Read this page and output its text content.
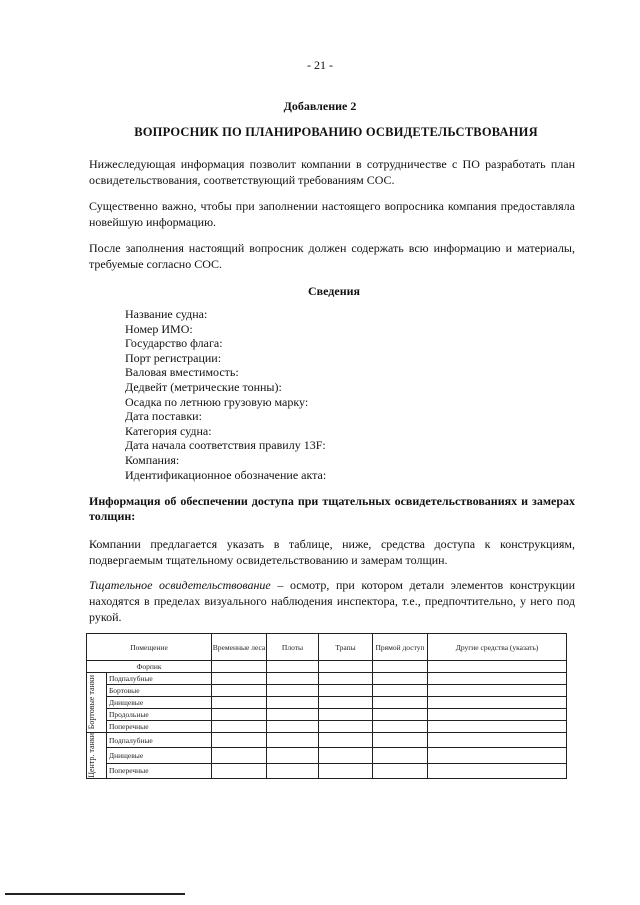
- 21 -
Добавление 2
ВОПРОСНИК ПО ПЛАНИРОВАНИЮ ОСВИДЕТЕЛЬСТВОВАНИЯ
Нижеследующая информация позволит компании в сотрудничестве с ПО разработать план освидетельствования, соответствующий требованиям СОС.
Существенно важно, чтобы при заполнении настоящего вопросника компания предоставляла новейшую информацию.
После заполнения настоящий вопросник должен содержать всю информацию и материалы, требуемые согласно СОС.
Сведения
Название судна:
Номер ИМО:
Государство флага:
Порт регистрации:
Валовая вместимость:
Дедвейт (метрические тонны):
Осадка по летнюю грузовую марку:
Дата поставки:
Категория судна:
Дата начала соответствия правилу 13F:
Компания:
Идентификационное обозначение акта:
Информация об обеспечении доступа при тщательных освидетельствованиях и замерах толщин:
Компании предлагается указать в таблице, ниже, средства доступа к конструкциям, подвергаемым тщательному освидетельствованию и замерам толщин.
Тщательное освидетельствование – осмотр, при котором детали элементов конструкции находятся в пределах визуального наблюдения инспектора, т.е., предпочтительно, у него под рукой.
Помещение		Временные леса	Плоты	Трапы	Прямой доступ	Другие средства (указать)
Форпик						

Бортовые танки	Подпалубные					
	Бортовые					
	Днищевые					
	Продольные					
	Поперечные					

Центр. танки	Подпалубные					
	Днищевые					
	Поперечные					
